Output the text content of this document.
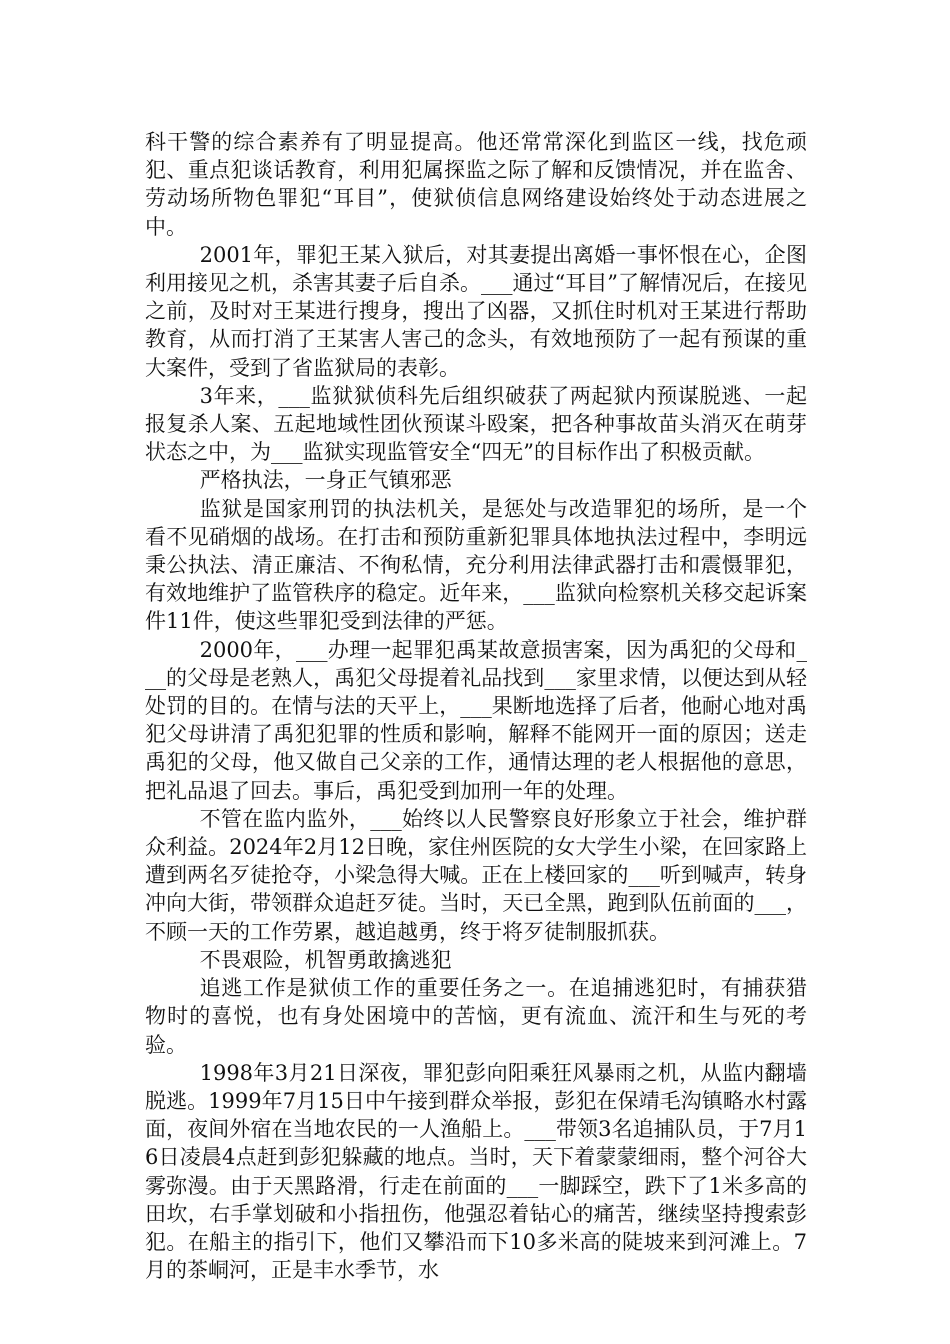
科干警的综合素养有了明显提高。他还常常深化到监区一线，找危顽犯、重点犯谈话教育，利用犯属探监之际了解和反馈情况，并在监舍、劳动场所物色罪犯“耳目”，使狱侦信息网络建设始终处于动态进展之中。

2001年，罪犯王某入狱后，对其妻提出离婚一事怀恨在心，企图利用接见之机，杀害其妻子后自杀。___通过“耳目”了解情况后，在接见之前，及时对王某进行搜身，搜出了凶器，又抓住时机对王某进行帮助教育，从而打消了王某害人害己的念头，有效地预防了一起有预谋的重大案件，受到了省监狱局的表彰。

3年来，___监狱狱侦科先后组织破获了两起狱内预谋脱逃、一起报复杀人案、五起地域性团伙预谋斗殴案，把各种事故苗头消灭在萌芽状态之中，为___监狱实现监管安全“四无”的目标作出了积极贡献。

严格执法，一身正气镇邪恶

监狱是国家刑罚的执法机关，是惩处与改造罪犯的场所，是一个看不见硝烟的战场。在打击和预防重新犯罪具体地执法过程中，李明远秉公执法、清正廉洁、不徇私情，充分利用法律武器打击和震慑罪犯，有效地维护了监管秩序的稳定。近年来，___监狱向检察机关移交起诉案件11件，使这些罪犯受到法律的严惩。

2000年，___办理一起罪犯禹某故意损害案，因为禹犯的父母和___的父母是老熟人，禹犯父母提着礼品找到___家里求情，以便达到从轻处罚的目的。在情与法的天平上，___果断地选择了后者，他耐心地对禹犯父母讲清了禹犯犯罪的性质和影响，解释不能网开一面的原因；送走禹犯的父母，他又做自己父亲的工作，通情达理的老人根据他的意思，把礼品退了回去。事后，禹犯受到加刑一年的处理。

不管在监内监外，___始终以人民警察良好形象立于社会，维护群众利益。2024年2月12日晚，家住州医院的女大学生小梁，在回家路上遭到两名歹徒抢夺，小梁急得大喊。正在上楼回家的___听到喊声，转身冲向大街，带领群众追赶歹徒。当时，天已全黑，跑到队伍前面的___，不顾一天的工作劳累，越追越勇，终于将歹徒制服抓获。

不畏艰险，机智勇敢擒逃犯

追逃工作是狱侦工作的重要任务之一。在追捕逃犯时，有捕获猎物时的喜悦，也有身处困境中的苦恼，更有流血、流汗和生与死的考验。

1998年3月21日深夜，罪犯彭向阳乘狂风暴雨之机，从监内翻墙脱逃。1999年7月15日中午接到群众举报，彭犯在保靖毛沟镇略水村露面，夜间外宿在当地农民的一人渔船上。___带领3名追捕队员，于7月16日凌晨4点赶到彭犯躲藏的地点。当时，天下着蒙蒙细雨，整个河谷大雾弥漫。由于天黑路滑，行走在前面的___一脚踩空，跌下了1米多高的田坎，右手掌划破和小指扭伤，他强忍着钻心的痛苦，继续坚持搜索彭犯。在船主的指引下，他们又攀沿而下10多米高的陡坡来到河滩上。7月的茶峒河，正是丰水季节，水
